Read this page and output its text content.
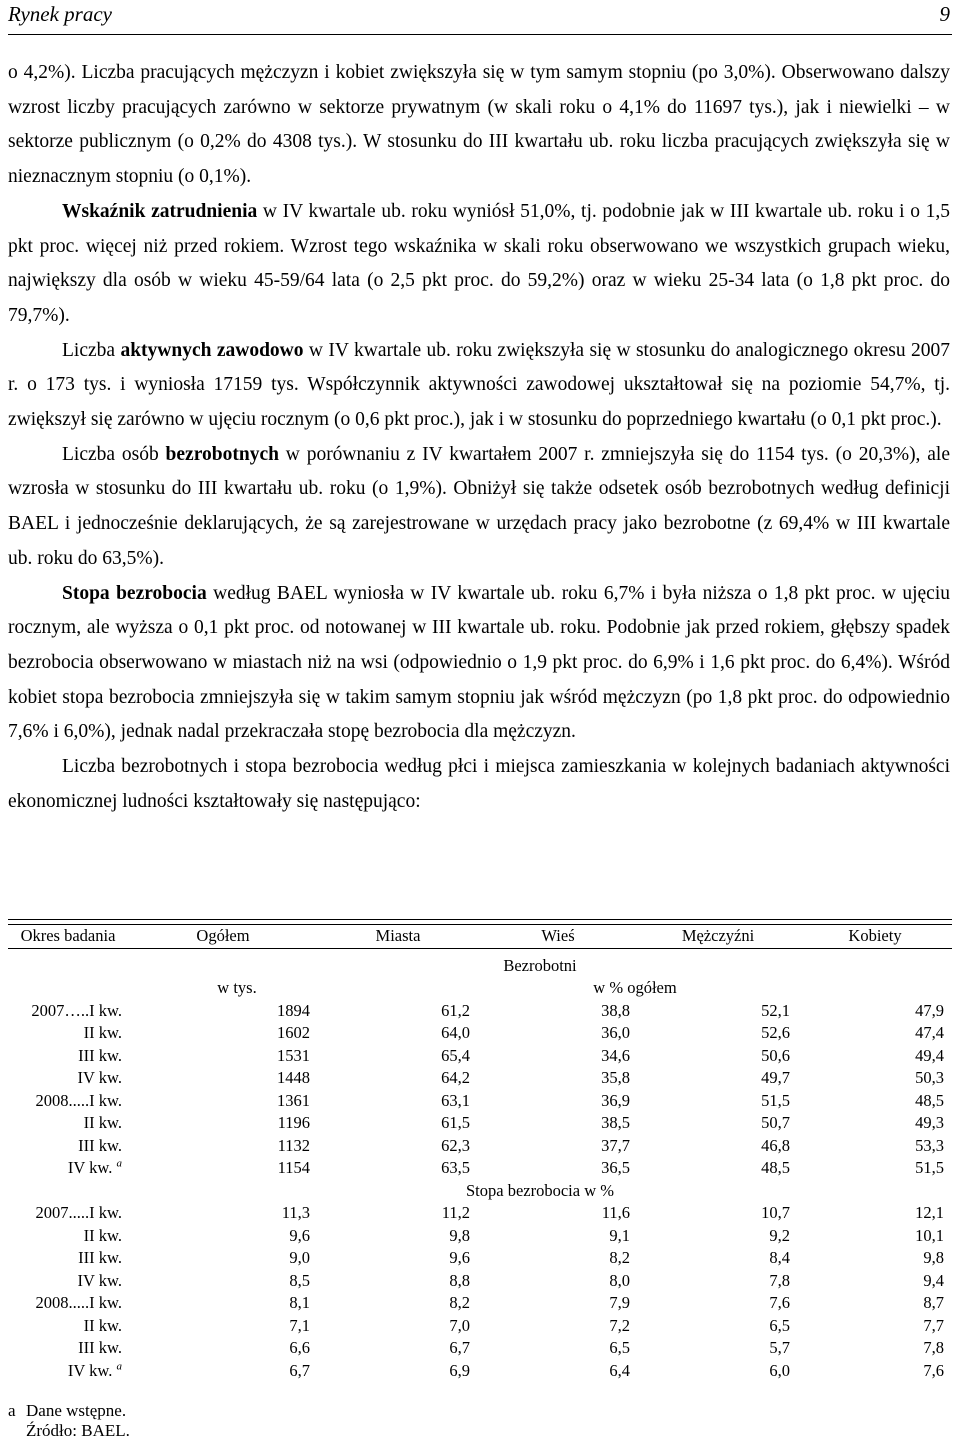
Rynek pracy	9

o 4,2%). Liczba pracujących mężczyzn i kobiet zwiększyła się w tym samym stopniu (po 3,0%). Obserwowano dalszy wzrost liczby pracujących zarówno w sektorze prywatnym (w skali roku o 4,1% do 11697 tys.), jak i niewielki – w sektorze publicznym (o 0,2% do 4308 tys.). W stosunku do III kwartału ub. roku liczba pracujących zwiększyła się w nieznacznym stopniu (o 0,1%).

Wskaźnik zatrudnienia w IV kwartale ub. roku wyniósł 51,0%, tj. podobnie jak w III kwartale ub. roku i o 1,5 pkt proc. więcej niż przed rokiem. Wzrost tego wskaźnika w skali roku obserwowano we wszystkich grupach wieku, największy dla osób w wieku 45-59/64 lata (o 2,5 pkt proc. do 59,2%) oraz w wieku 25-34 lata (o 1,8 pkt proc. do 79,7%).

Liczba aktywnych zawodowo w IV kwartale ub. roku zwiększyła się w stosunku do analogicznego okresu 2007 r. o 173 tys. i wyniosła 17159 tys. Współczynnik aktywności zawodowej ukształtował się na poziomie 54,7%, tj. zwiększył się zarówno w ujęciu rocznym (o 0,6 pkt proc.), jak i w stosunku do poprzedniego kwartału (o 0,1 pkt proc.).

Liczba osób bezrobotnych w porównaniu z IV kwartałem 2007 r. zmniejszyła się do 1154 tys. (o 20,3%), ale wzrosła w stosunku do III kwartału ub. roku (o 1,9%). Obniżył się także odsetek osób bezrobotnych według definicji BAEL i jednocześnie deklarujących, że są zarejestrowane w urzędach pracy jako bezrobotne (z 69,4% w III kwartale ub. roku do 63,5%).

Stopa bezrobocia według BAEL wyniosła w IV kwartale ub. roku 6,7% i była niższa o 1,8 pkt proc. w ujęciu rocznym, ale wyższa o 0,1 pkt proc. od notowanej w III kwartale ub. roku. Podobnie jak przed rokiem, głębszy spadek bezrobocia obserwowano w miastach niż na wsi (odpowiednio o 1,9 pkt proc. do 6,9% i 1,6 pkt proc. do 6,4%). Wśród kobiet stopa bezrobocia zmniejszyła się w takim samym stopniu jak wśród mężczyzn (po 1,8 pkt proc. do odpowiednio 7,6% i 6,0%), jednak nadal przekraczała stopę bezrobocia dla mężczyzn.

Liczba bezrobotnych i stopa bezrobocia według płci i miejsca zamieszkania w kolejnych badaniach aktywności ekonomicznej ludności kształtowały się następująco:

Okres badania	Ogółem	Miasta	Wieś	Mężczyźni	Kobiety
	Bezrobotni				
	w tys.	w % ogółem			
2007…..I kw.	1894	61,2	38,8	52,1	47,9
II kw.	1602	64,0	36,0	52,6	47,4
III kw.	1531	65,4	34,6	50,6	49,4
IV kw.	1448	64,2	35,8	49,7	50,3
2008.....I kw.	1361	63,1	36,9	51,5	48,5
II kw.	1196	61,5	38,5	50,7	49,3
III kw.	1132	62,3	37,7	46,8	53,3
IV kw. $^a$	1154	63,5	36,5	48,5	51,5
	Stopa bezrobocia w %				
2007.....I kw.	11,3	11,2	11,6	10,7	12,1
II kw.	9,6	9,8	9,1	9,2	10,1
III kw.	9,0	9,6	8,2	8,4	9,8
IV kw.	8,5	8,8	8,0	7,8	9,4
2008.....I kw.	8,1	8,2	7,9	7,6	8,7
II kw.	7,1	7,0	7,2	6,5	7,7
III kw.	6,6	6,7	6,5	5,7	7,8
IV kw. $^a$	6,7	6,9	6,4	6,0	7,6
a Dane wstępne.
Źródło: BAEL.
